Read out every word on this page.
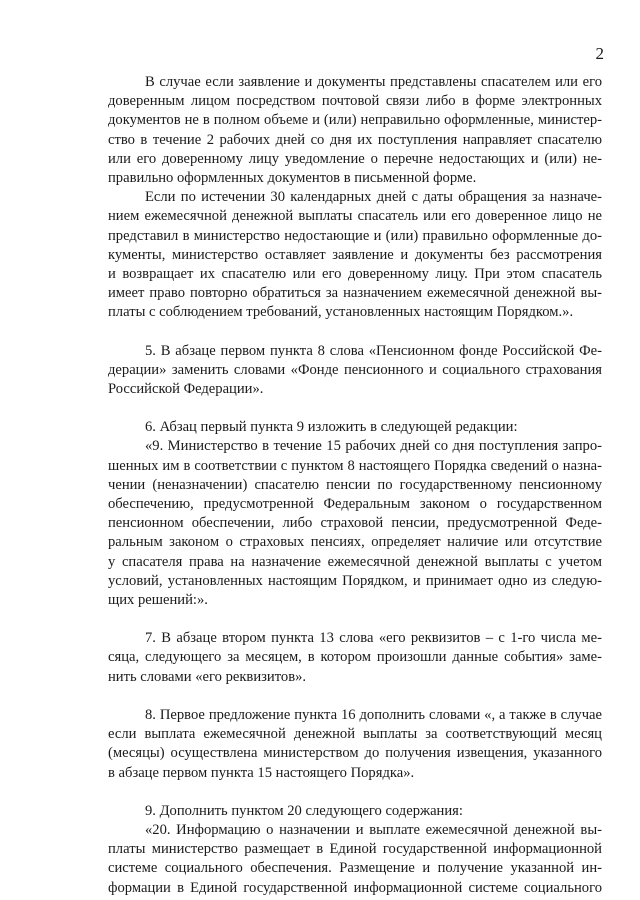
2
В случае если заявление и документы представлены спасателем или его
доверенным лицом посредством почтовой связи либо в форме электронных
документов не в полном объеме и (или) неправильно оформленные, министер-
ство в течение 2 рабочих дней со дня их поступления направляет спасателю
или его доверенному лицу уведомление о перечне недостающих и (или) не-
правильно оформленных документов в письменной форме.
Если по истечении 30 календарных дней с даты обращения за назначе-
нием ежемесячной денежной выплаты спасатель или его доверенное лицо не
представил в министерство недостающие и (или) правильно оформленные до-
кументы, министерство оставляет заявление и документы без рассмотрения
и возвращает их спасателю или его доверенному лицу. При этом спасатель
имеет право повторно обратиться за назначением ежемесячной денежной вы-
платы с соблюдением требований, установленных настоящим Порядком.».
5. В абзаце первом пункта 8 слова «Пенсионном фонде Российской Фе-
дерации» заменить словами «Фонде пенсионного и социального страхования
Российской Федерации».
6. Абзац первый пункта 9 изложить в следующей редакции:
«9. Министерство в течение 15 рабочих дней со дня поступления запро-
шенных им в соответствии с пунктом 8 настоящего Порядка сведений о назна-
чении (неназначении) спасателю пенсии по государственному пенсионному
обеспечению, предусмотренной Федеральным законом о государственном
пенсионном обеспечении, либо страховой пенсии, предусмотренной Феде-
ральным законом о страховых пенсиях, определяет наличие или отсутствие
у спасателя права на назначение ежемесячной денежной выплаты с учетом
условий, установленных настоящим Порядком, и принимает одно из следую-
щих решений:».
7. В абзаце втором пункта 13 слова «его реквизитов – с 1-го числа ме-
сяца, следующего за месяцем, в котором произошли данные события» заме-
нить словами «его реквизитов».
8. Первое предложение пункта 16 дополнить словами «, а также в случае
если выплата ежемесячной денежной выплаты за соответствующий месяц
(месяцы) осуществлена министерством до получения извещения, указанного
в абзаце первом пункта 15 настоящего Порядка».
9. Дополнить пунктом 20 следующего содержания:
«20. Информацию о назначении и выплате ежемесячной денежной вы-
платы министерство размещает в Единой государственной информационной
системе социального обеспечения. Размещение и получение указанной ин-
формации в Единой государственной информационной системе социального
